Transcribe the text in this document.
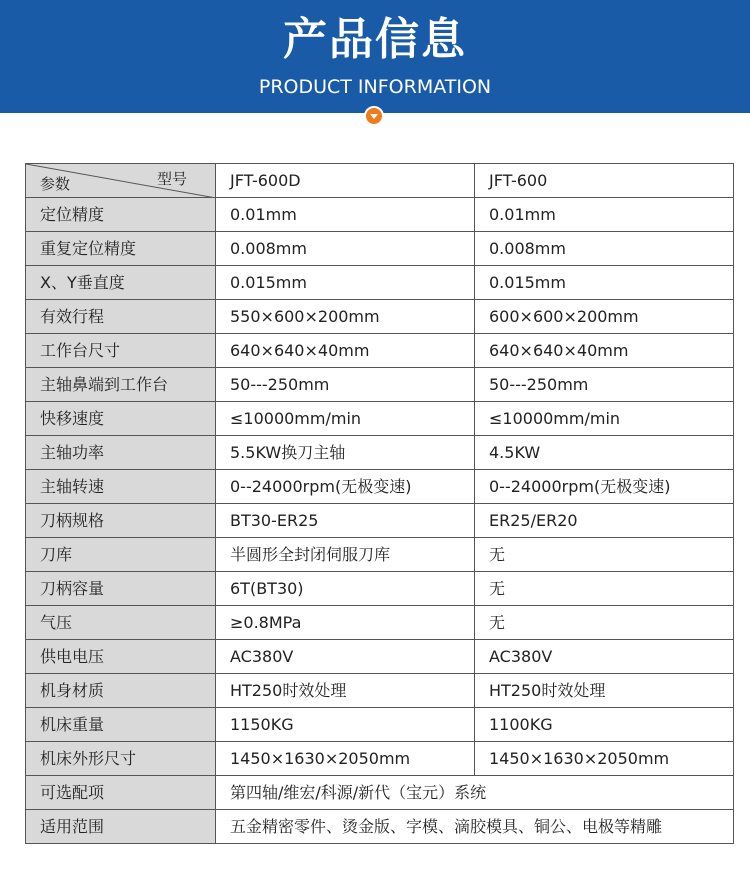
产品信息
PRODUCT INFORMATION
型号
参数	JFT-600D	JFT-600
定位精度	0.01mm	0.01mm
重复定位精度	0.008mm	0.008mm
X、Y垂直度	0.015mm	0.015mm
有效行程	550×600×200mm	600×600×200mm
工作台尺寸	640×640×40mm	640×640×40mm
主轴鼻端到工作台	50---250mm	50---250mm
快移速度	≤10000mm/min	≤10000mm/min
主轴功率	5.5KW换刀主轴	4.5KW
主轴转速	0--24000rpm(无极变速)	0--24000rpm(无极变速)
刀柄规格	BT30-ER25	ER25/ER20
刀库	半圆形全封闭伺服刀库	无
刀柄容量	6T(BT30)	无
气压	≥0.8MPa	无
供电电压	AC380V	AC380V
机身材质	HT250时效处理	HT250时效处理
机床重量	1150KG	1100KG
机床外形尺寸	1450×1630×2050mm	1450×1630×2050mm
可选配项	第四轴/维宏/科源/新代（宝元）系统	
适用范围	五金精密零件、烫金版、字模、滴胶模具、铜公、电极等精雕	
